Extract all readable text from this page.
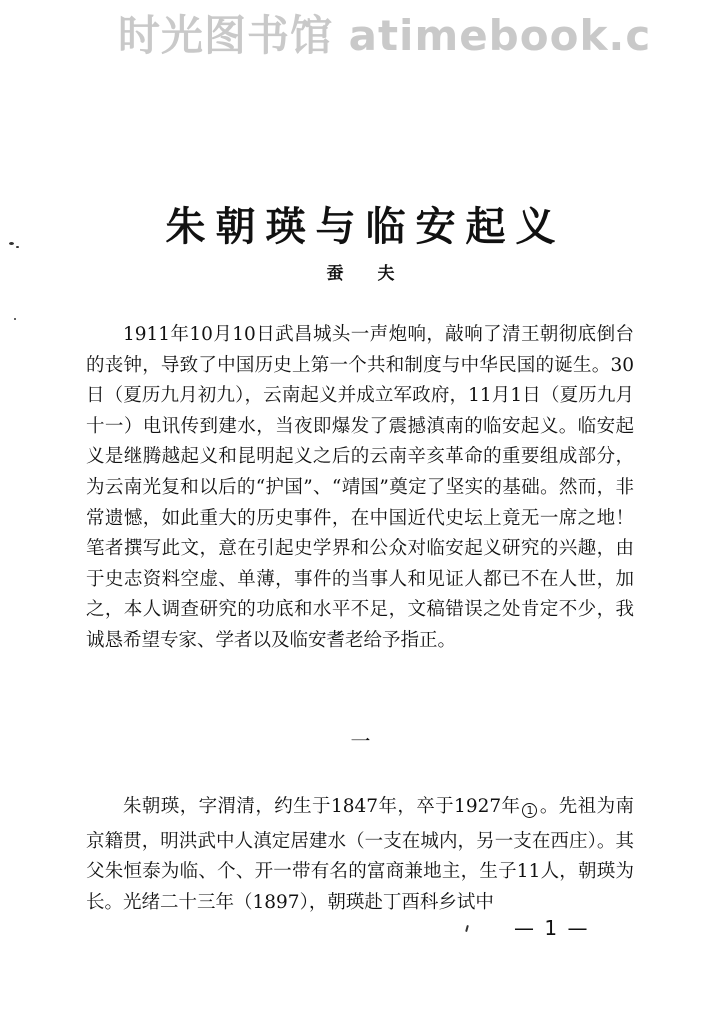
时光图书馆 atimebook.c
朱朝瑛与临安起义
蚕 夫

1911年10月10日武昌城头一声炮响，敲响了清王朝彻底倒台的丧钟，导致了中国历史上第一个共和制度与中华民国的诞生。30日（夏历九月初九），云南起义并成立军政府，11月1日（夏历九月十一）电讯传到建水，当夜即爆发了震撼滇南的临安起义。临安起义是继腾越起义和昆明起义之后的云南辛亥革命的重要组成部分，为云南光复和以后的“护国”、“靖国”奠定了坚实的基础。然而，非常遗憾，如此重大的历史事件，在中国近代史坛上竟无一席之地！笔者撰写此文，意在引起史学界和公众对临安起义研究的兴趣，由于史志资料空虚、单薄，事件的当事人和见证人都已不在人世，加之，本人调查研究的功底和水平不足，文稿错误之处肯定不少，我诚恳希望专家、学者以及临安耆老给予指正。

一

朱朝瑛，字渭清，约生于1847年，卒于1927年 1 。先祖为南京籍贯，明洪武中人滇定居建水（一支在城内，另一支在西庄）。其父朱恒泰为临、个、开一带有名的富商兼地主，生子11人，朝瑛为长。光绪二十三年（1897），朝瑛赴丁酉科乡试中

— 1 —
